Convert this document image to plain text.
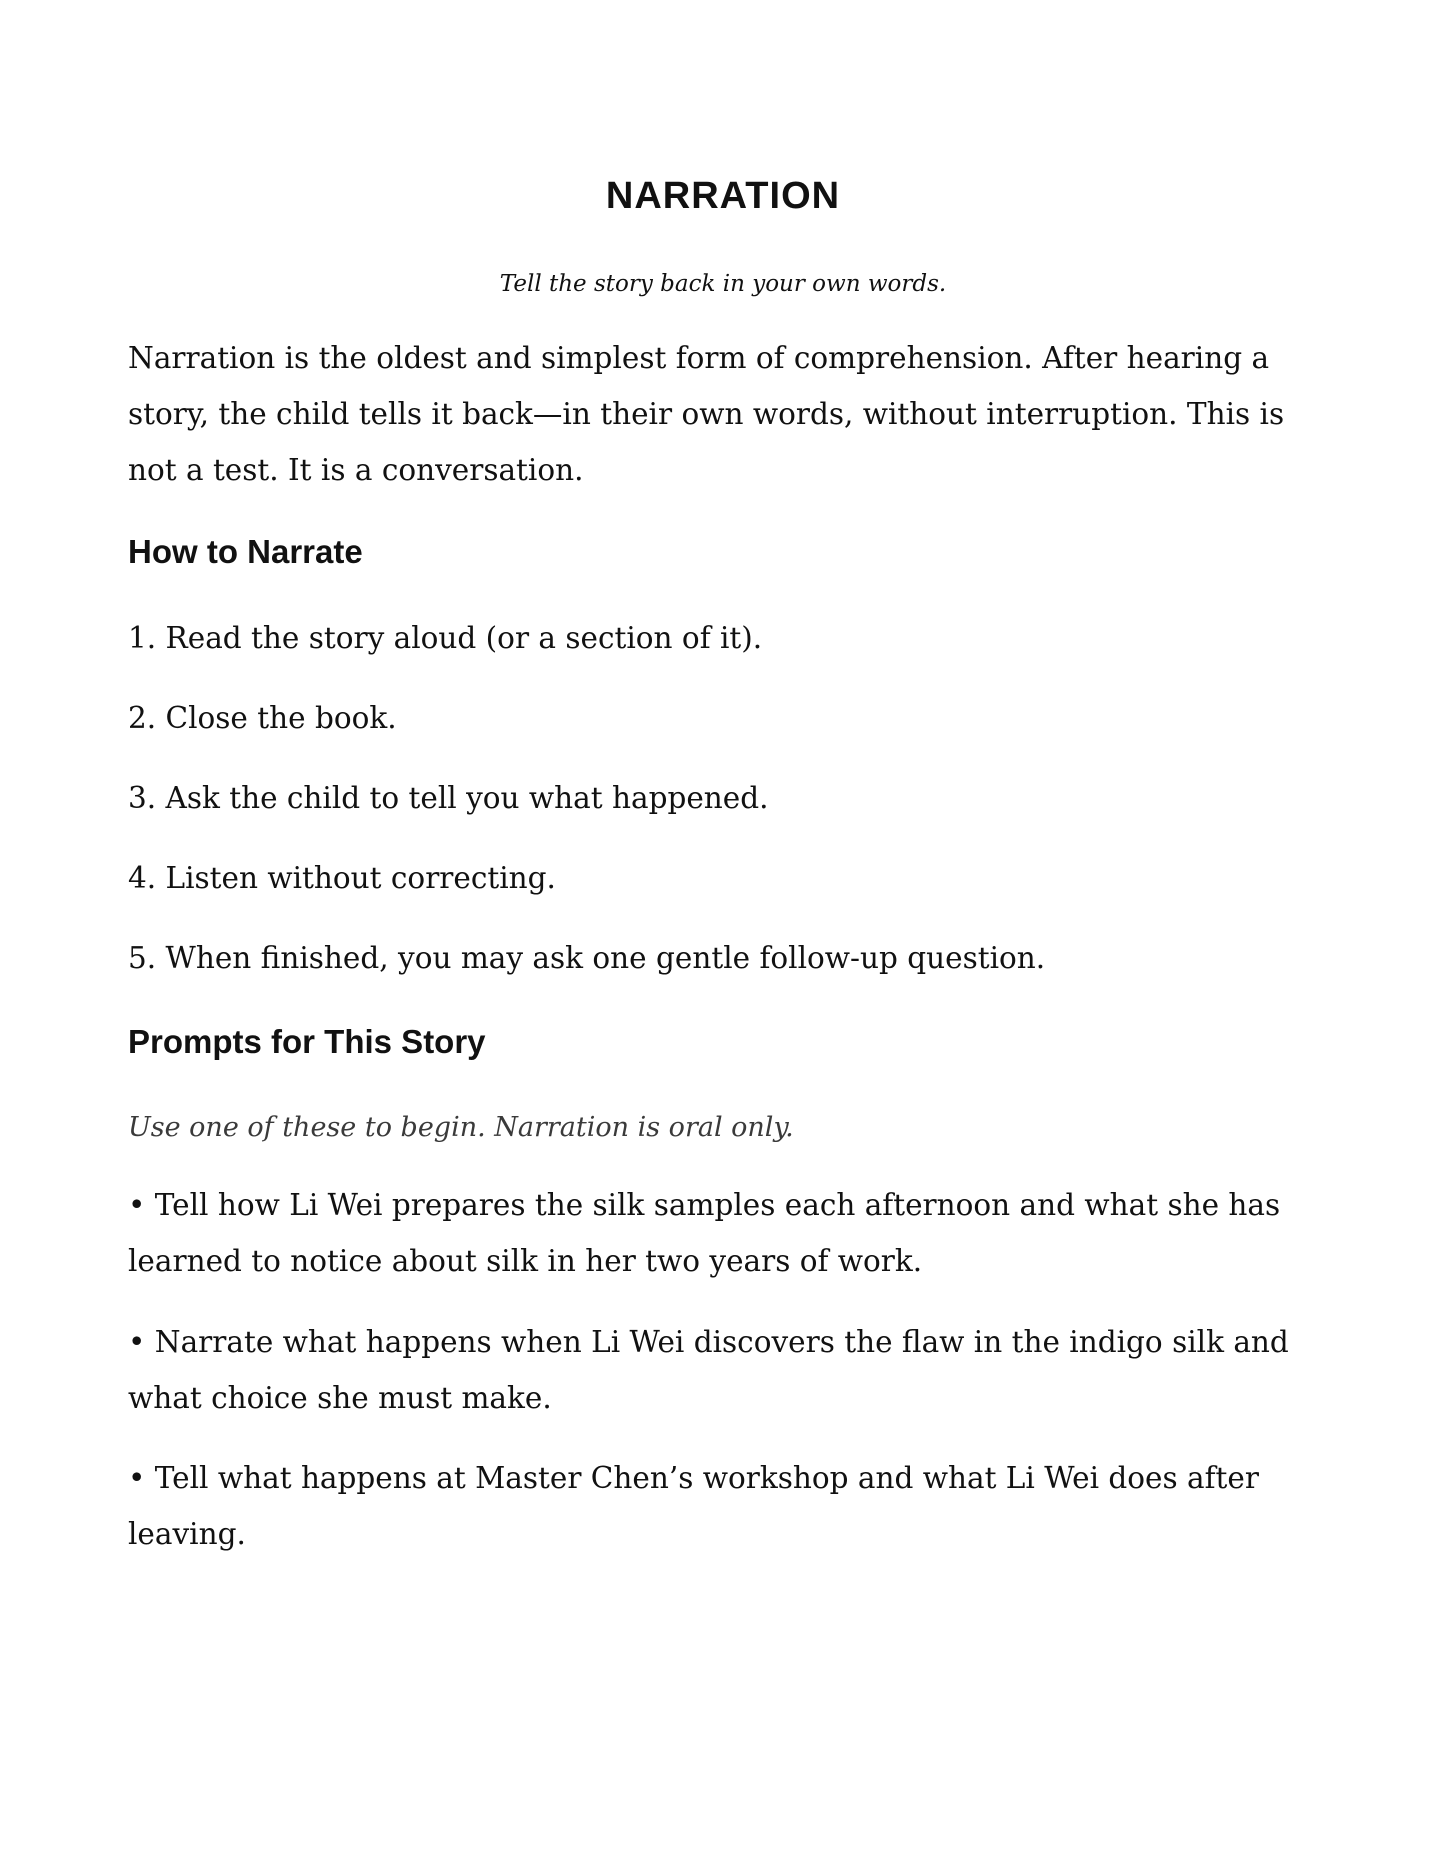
NARRATION

Tell the story back in your own words.

Narration is the oldest and simplest form of comprehension. After hearing a story, the child tells it back—in their own words, without interruption. This is not a test. It is a conversation.

How to Narrate

1. Read the story aloud (or a section of it).

2. Close the book.

3. Ask the child to tell you what happened.

4. Listen without correcting.

5. When finished, you may ask one gentle follow-up question.

Prompts for This Story

Use one of these to begin. Narration is oral only.

• Tell how Li Wei prepares the silk samples each afternoon and what she has learned to notice about silk in her two years of work.

• Narrate what happens when Li Wei discovers the flaw in the indigo silk and what choice she must make.

• Tell what happens at Master Chen’s workshop and what Li Wei does after leaving.
